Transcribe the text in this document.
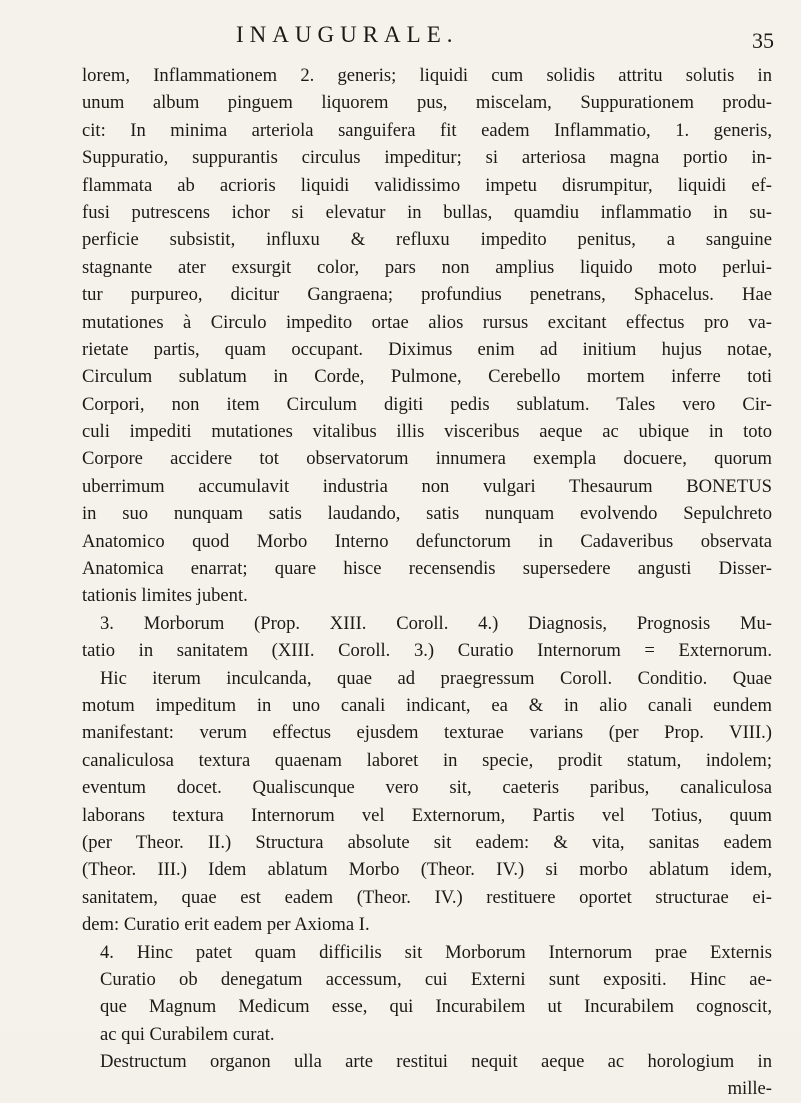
INAUGURALE.	35
lorem, Inflammationem 2. generis; liquidi cum solidis attritu solutis in
unum album pinguem liquorem pus, miscelam, Suppurationem produ-
cit: In minima arteriola sanguifera fit eadem Inflammatio, 1. generis,
Suppuratio, suppurantis circulus impeditur; si arteriosa magna portio in-
flammata ab acrioris liquidi validissimo impetu disrumpitur, liquidi ef-
fusi putrescens ichor si elevatur in bullas, quamdiu inflammatio in su-
perficie subsistit, influxu & refluxu impedito penitus, a sanguine
stagnante ater exsurgit color, pars non amplius liquido moto perlui-
tur purpureo, dicitur Gangraena; profundius penetrans, Sphacelus. Hae
mutationes à Circulo impedito ortae alios rursus excitant effectus pro va-
rietate partis, quam occupant. Diximus enim ad initium hujus notae,
Circulum sublatum in Corde, Pulmone, Cerebello mortem inferre toti
Corpori, non item Circulum digiti pedis sublatum. Tales vero Cir-
culi impediti mutationes vitalibus illis visceribus aeque ac ubique in toto
Corpore accidere tot observatorum innumera exempla docuere, quorum
uberrimum accumulavit industria non vulgari Thesaurum BONETUS
in suo nunquam satis laudando, satis nunquam evolvendo Sepulchreto
Anatomico quod Morbo Interno defunctorum in Cadaveribus observata
Anatomica enarrat; quare hisce recensendis supersedere angusti Disser-
tationis limites jubent.
3. Morborum (Prop. XIII. Coroll. 4.) Diagnosis, Prognosis Mu-
tatio in sanitatem (XIII. Coroll. 3.) Curatio Internorum = Externorum.
Hic iterum inculcanda, quae ad praegressum Coroll. Conditio. Quae
motum impeditum in uno canali indicant, ea & in alio canali eundem
manifestant: verum effectus ejusdem texturae varians (per Prop. VIII.)
canaliculosa textura quaenam laboret in specie, prodit statum, indolem;
eventum docet. Qualiscunque vero sit, caeteris paribus, canaliculosa
laborans textura Internorum vel Externorum, Partis vel Totius, quum
(per Theor. II.) Structura absolute sit eadem: & vita, sanitas eadem
(Theor. III.) Idem ablatum Morbo (Theor. IV.) si morbo ablatum idem,
sanitatem, quae est eadem (Theor. IV.) restituere oportet structurae ei-
dem: Curatio erit eadem per Axioma I.
4. Hinc patet quam difficilis sit Morborum Internorum prae Externis
Curatio ob denegatum accessum, cui Externi sunt expositi. Hinc ae-
que Magnum Medicum esse, qui Incurabilem ut Incurabilem cognoscit,
ac qui Curabilem curat.
Destructum organon ulla arte restitui nequit aeque ac horologium in
mille-
